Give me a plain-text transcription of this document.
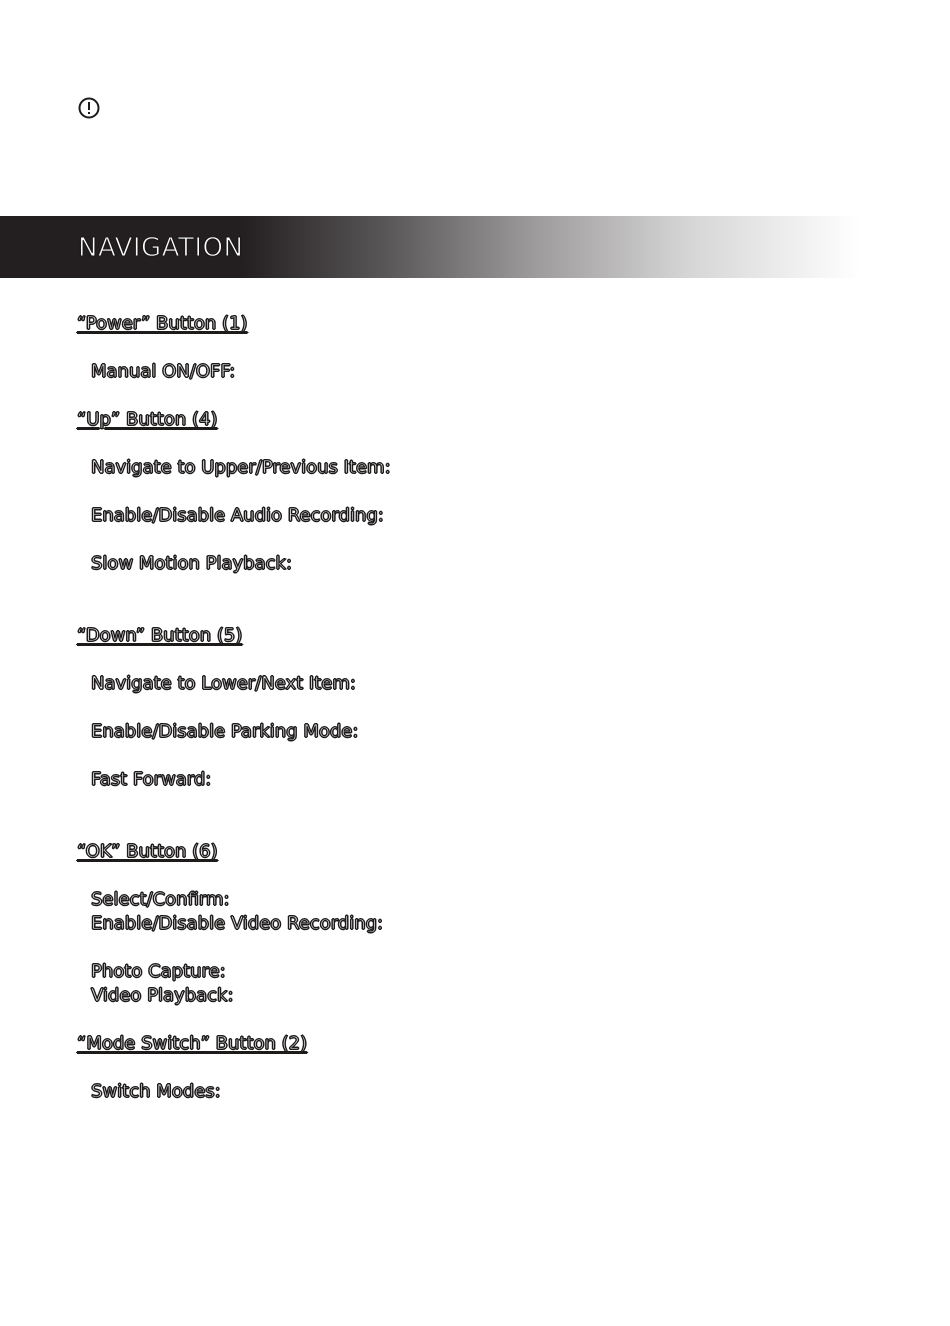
NAVIGATION
“Power” Button (1)
Manual ON/OFF:
“Up” Button (4)
Navigate to Upper/Previous Item:
Enable/Disable Audio Recording:
Slow Motion Playback:
“Down” Button (5)
Navigate to Lower/Next Item:
Enable/Disable Parking Mode:
Fast Forward:
“OK” Button (6)
Select/Confirm:
Enable/Disable Video Recording:
Photo Capture:
Video Playback:
“Mode Switch” Button (2)
Switch Modes:
